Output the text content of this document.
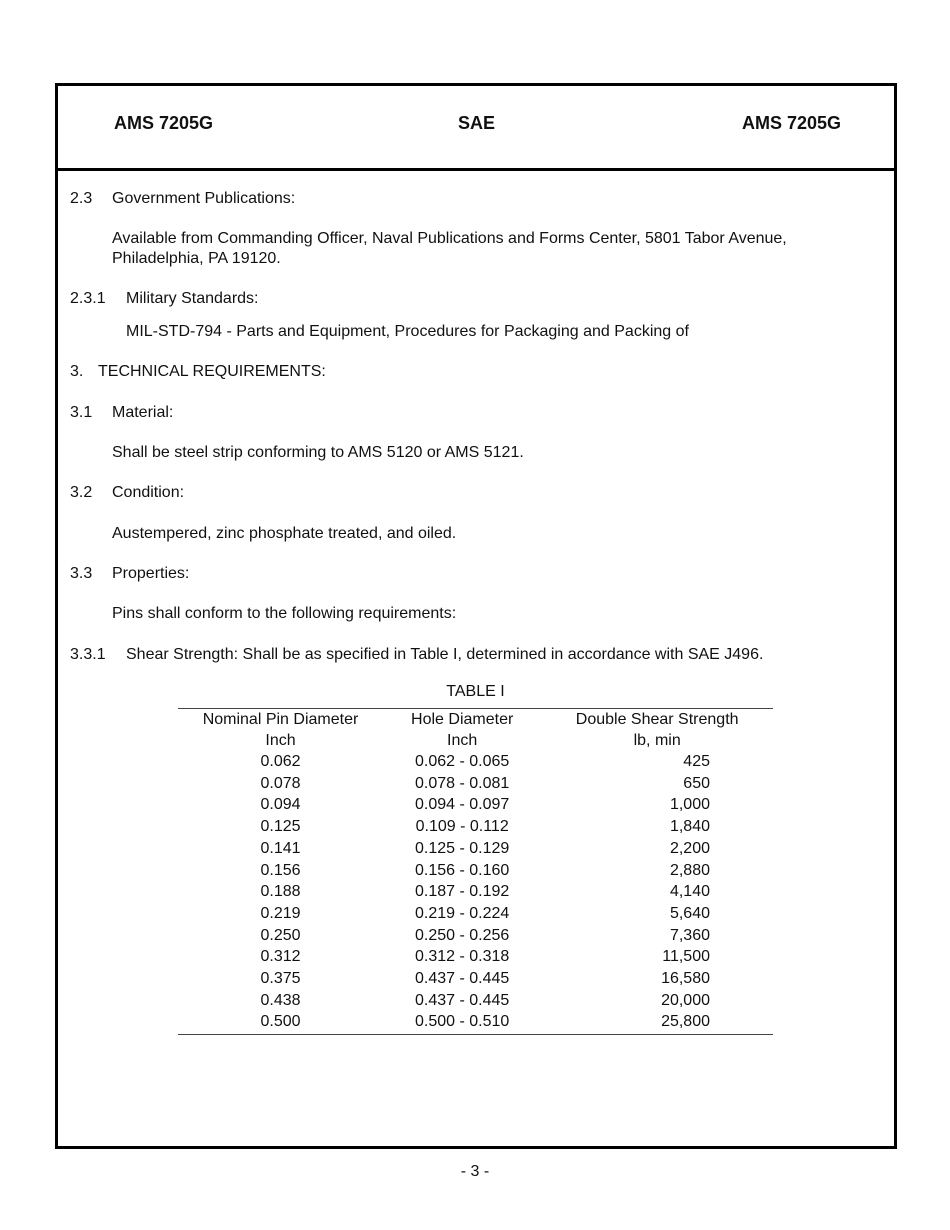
AMS 7205G	SAE	AMS 7205G
2.3 Government Publications:
Available from Commanding Officer, Naval Publications and Forms Center, 5801 Tabor Avenue, Philadelphia, PA 19120.
2.3.1 Military Standards:
MIL-STD-794 - Parts and Equipment, Procedures for Packaging and Packing of
3. TECHNICAL REQUIREMENTS:
3.1 Material:
Shall be steel strip conforming to AMS 5120 or AMS 5121.
3.2 Condition:
Austempered, zinc phosphate treated, and oiled.
3.3 Properties:
Pins shall conform to the following requirements:
3.3.1 Shear Strength: Shall be as specified in Table I, determined in accordance with SAE J496.
TABLE I
Nominal Pin Diameter	Hole Diameter	Double Shear Strength
Inch	Inch	lb, min
0.062	0.062 - 0.065	425
0.078	0.078 - 0.081	650
0.094	0.094 - 0.097	1,000
0.125	0.109 - 0.112	1,840
0.141	0.125 - 0.129	2,200
0.156	0.156 - 0.160	2,880
0.188	0.187 - 0.192	4,140
0.219	0.219 - 0.224	5,640
0.250	0.250 - 0.256	7,360
0.312	0.312 - 0.318	11,500
0.375	0.437 - 0.445	16,580
0.438	0.437 - 0.445	20,000
0.500	0.500 - 0.510	25,800
- 3 -
